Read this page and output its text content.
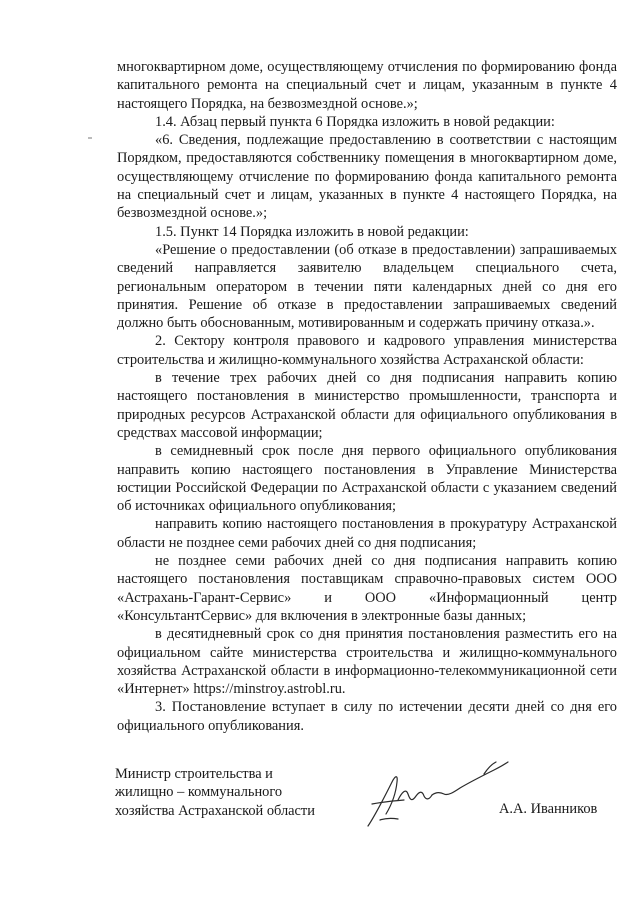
многоквартирном доме, осуществляющему отчисления по формированию фонда капитального ремонта на специальный счет и лицам, указанным в пункте 4 настоящего Порядка, на безвозмездной основе.»;

1.4. Абзац первый пункта 6 Порядка изложить в новой редакции:

«6. Сведения, подлежащие предоставлению в соответствии с настоящим Порядком, предоставляются собственнику помещения в многоквартирном доме, осуществляющему отчисление по формированию фонда капитального ремонта на специальный счет и лицам, указанных в пункте 4 настоящего Порядка, на безвозмездной основе.»;

1.5. Пункт 14 Порядка изложить в новой редакции:

«Решение о предоставлении (об отказе в предоставлении) запрашиваемых сведений направляется заявителю владельцем специального счета, региональным оператором в течении пяти календарных дней со дня его принятия. Решение об отказе в предоставлении запрашиваемых сведений должно быть обоснованным, мотивированным и содержать причину отказа.».

2. Сектору контроля правового и кадрового управления министерства строительства и жилищно-коммунального хозяйства Астраханской области:

в течение трех рабочих дней со дня подписания направить копию настоящего постановления в министерство промышленности, транспорта и природных ресурсов Астраханской области для официального опубликования в средствах массовой информации;

в семидневный срок после дня первого официального опубликования направить копию настоящего постановления в Управление Министерства юстиции Российской Федерации по Астраханской области с указанием сведений об источниках официального опубликования;

направить копию настоящего постановления в прокуратуру Астраханской области не позднее семи рабочих дней со дня подписания;

не позднее семи рабочих дней со дня подписания направить копию настоящего постановления поставщикам справочно-правовых систем ООО «Астрахань-Гарант-Сервис» и ООО «Информационный центр «КонсультантСервис» для включения в электронные базы данных;

в десятидневный срок со дня принятия постановления разместить его на официальном сайте министерства строительства и жилищно-коммунального хозяйства Астраханской области в информационно-телекоммуникационной сети «Интернет» https://minstroy.astrobl.ru.

3. Постановление вступает в силу по истечении десяти дней со дня его официального опубликования.

Министр строительства и
жилищно – коммунального
хозяйства Астраханской области	А.А. Иванников
